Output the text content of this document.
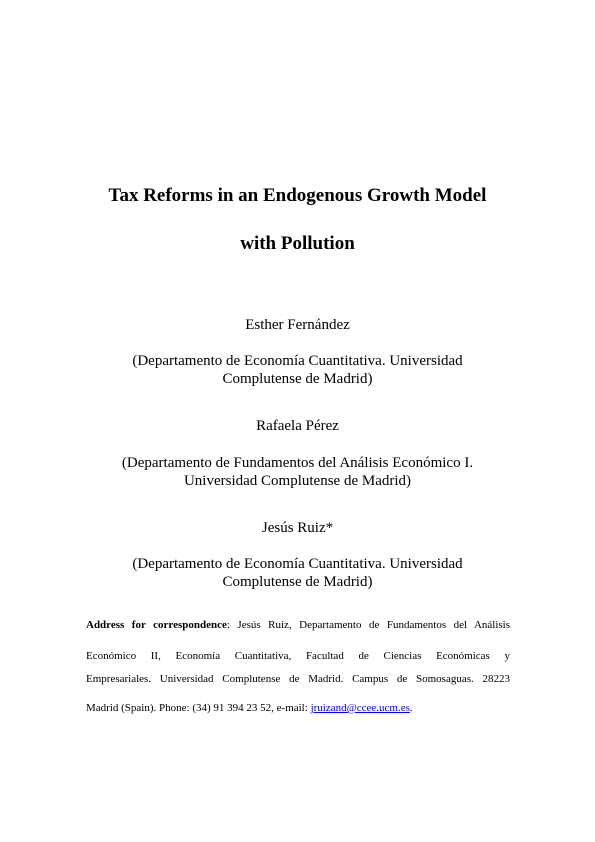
Tax Reforms in an Endogenous Growth Model
with Pollution

Esther Fernández

(Departamento de Economía Cuantitativa. Universidad
Complutense de Madrid)

Rafaela Pérez

(Departamento de Fundamentos del Análisis Económico I.
Universidad Complutense de Madrid)

Jesús Ruiz*

(Departamento de Economía Cuantitativa. Universidad
Complutense de Madrid)

Address for correspondence: Jesús Ruiz, Departamento de Fundamentos del Análisis

Económico II, Economía Cuantitativa, Facultad de Ciencias Económicas y

Empresariales. Universidad Complutense de Madrid. Campus de Somosaguas. 28223

Madrid (Spain). Phone: (34) 91 394 23 52, e-mail: jruizand@ccee.ucm.es.
